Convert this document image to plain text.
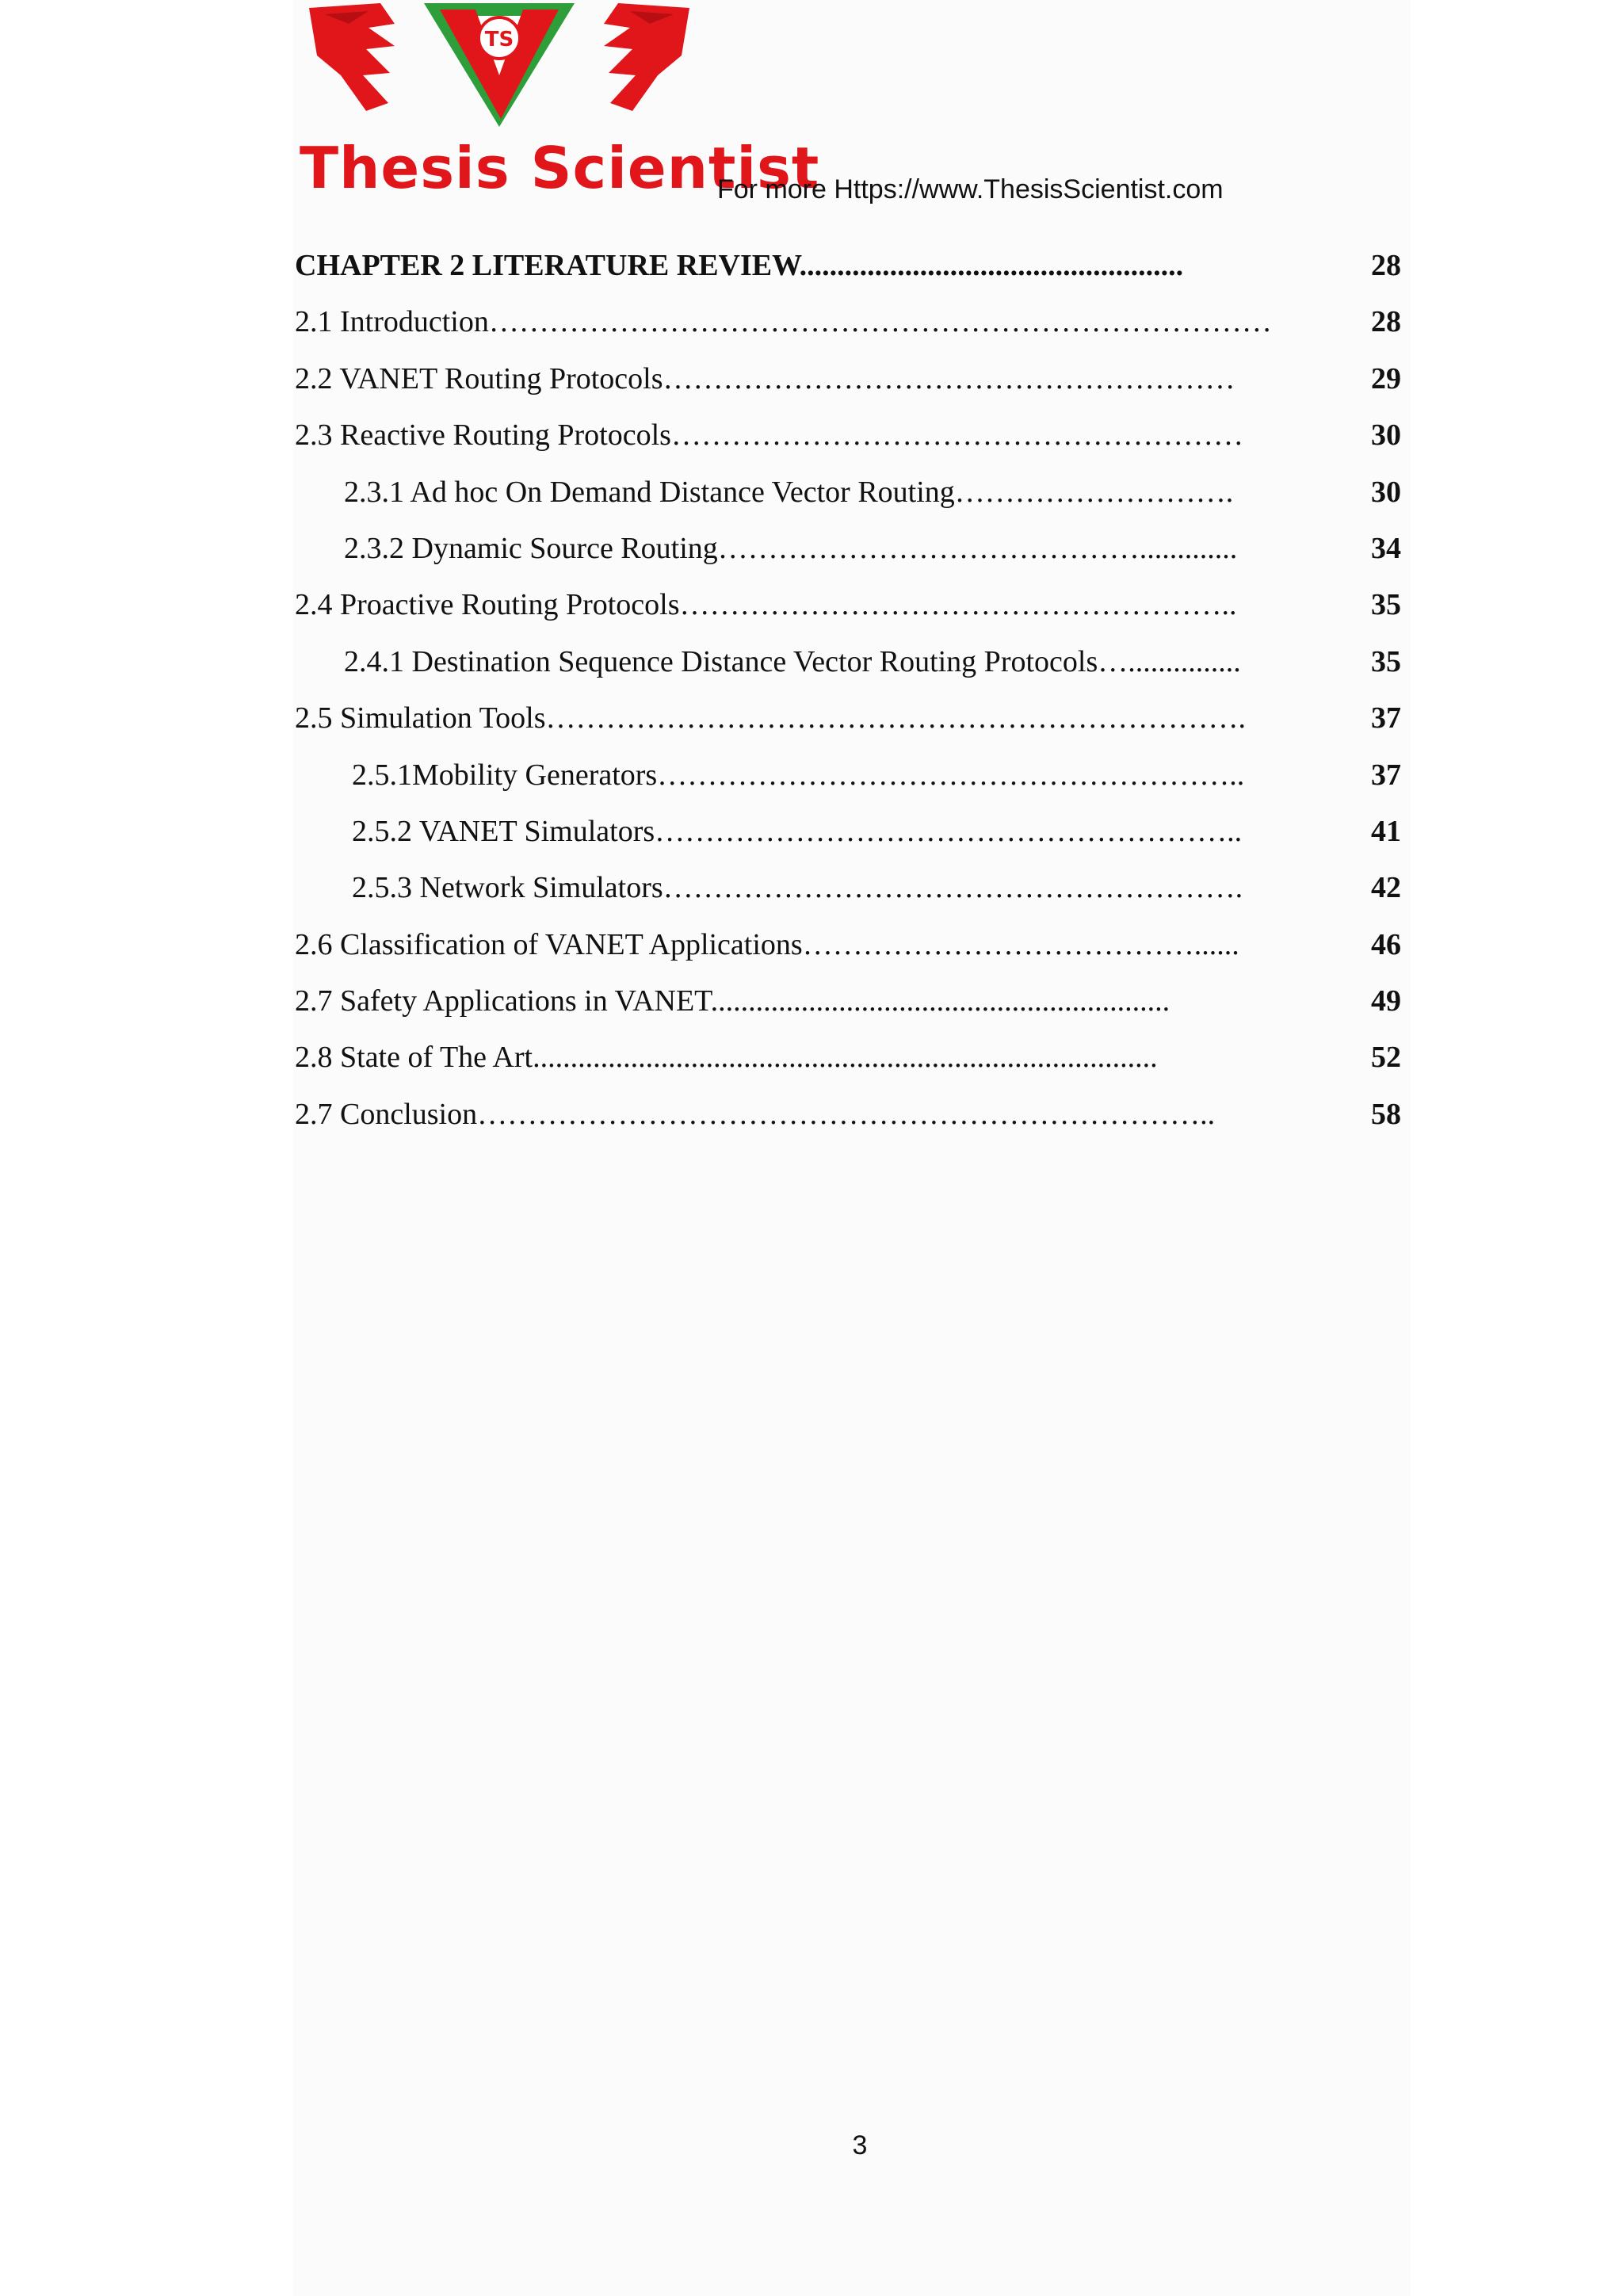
TS
Thesis Scientist
For more Https://www.ThesisScientist.com
CHAPTER 2 LITERATURE REVIEW...................................................	28
2.1 Introduction……………………………………………………………………	28
2.2 VANET Routing Protocols…………………………………………………	29
2.3 Reactive Routing Protocols…………………………………………………	30
2.3.1 Ad hoc On Demand Distance Vector Routing……………………….	30
2.3.2 Dynamic Source Routing…………………………………….............	34
2.4 Proactive Routing Protocols………………………………………………..	35
2.4.1 Destination Sequence Distance Vector Routing Protocols…...............	35
2.5 Simulation Tools…………………………………………………………….	37
2.5.1Mobility Generators…………………………………………………..	37
2.5.2 VANET Simulators…………………………………………………..	41
2.5.3 Network Simulators………………………………………………….	42
2.6 Classification of VANET Applications…………………………………......	46
2.7 Safety Applications in VANET.............................................................	49
2.8 State of The Art...................................................................................	52
2.7 Conclusion………………………………………………………………..	58
3
